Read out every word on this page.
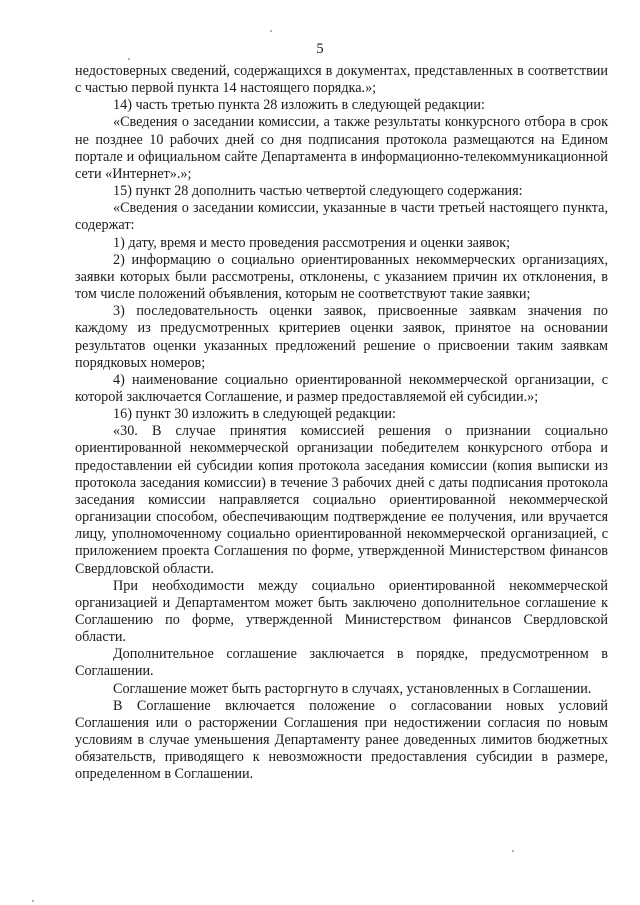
5

недостоверных сведений, содержащихся в документах, представленных в соответствии с частью первой пункта 14 настоящего порядка.»;

14) часть третью пункта 28 изложить в следующей редакции:

«Сведения о заседании комиссии, а также результаты конкурсного отбора в срок не позднее 10 рабочих дней со дня подписания протокола размещаются на Едином портале и официальном сайте Департамента в информационно-телекоммуникационной сети «Интернет».»;

15) пункт 28 дополнить частью четвертой следующего содержания:

«Сведения о заседании комиссии, указанные в части третьей настоящего пункта, содержат:

1) дату, время и место проведения рассмотрения и оценки заявок;

2) информацию о социально ориентированных некоммерческих организациях, заявки которых были рассмотрены, отклонены, с указанием причин их отклонения, в том числе положений объявления, которым не соответствуют такие заявки;

3) последовательность оценки заявок, присвоенные заявкам значения по каждому из предусмотренных критериев оценки заявок, принятое на основании результатов оценки указанных предложений решение о присвоении таким заявкам порядковых номеров;

4) наименование социально ориентированной некоммерческой организации, с которой заключается Соглашение, и размер предоставляемой ей субсидии.»;

16) пункт 30 изложить в следующей редакции:

«30. В случае принятия комиссией решения о признании социально ориентированной некоммерческой организации победителем конкурсного отбора и предоставлении ей субсидии копия протокола заседания комиссии (копия выписки из протокола заседания комиссии) в течение 3 рабочих дней с даты подписания протокола заседания комиссии направляется социально ориентированной некоммерческой организации способом, обеспечивающим подтверждение ее получения, или вручается лицу, уполномоченному социально ориентированной некоммерческой организацией, с приложением проекта Соглашения по форме, утвержденной Министерством финансов Свердловской области.

При необходимости между социально ориентированной некоммерческой организацией и Департаментом может быть заключено дополнительное соглашение к Соглашению по форме, утвержденной Министерством финансов Свердловской области.

Дополнительное соглашение заключается в порядке, предусмотренном в Соглашении.

Соглашение может быть расторгнуто в случаях, установленных в Соглашении.

В Соглашение включается положение о согласовании новых условий Соглашения или о расторжении Соглашения при недостижении согласия по новым условиям в случае уменьшения Департаменту ранее доведенных лимитов бюджетных обязательств, приводящего к невозможности предоставления субсидии в размере, определенном в Соглашении.
